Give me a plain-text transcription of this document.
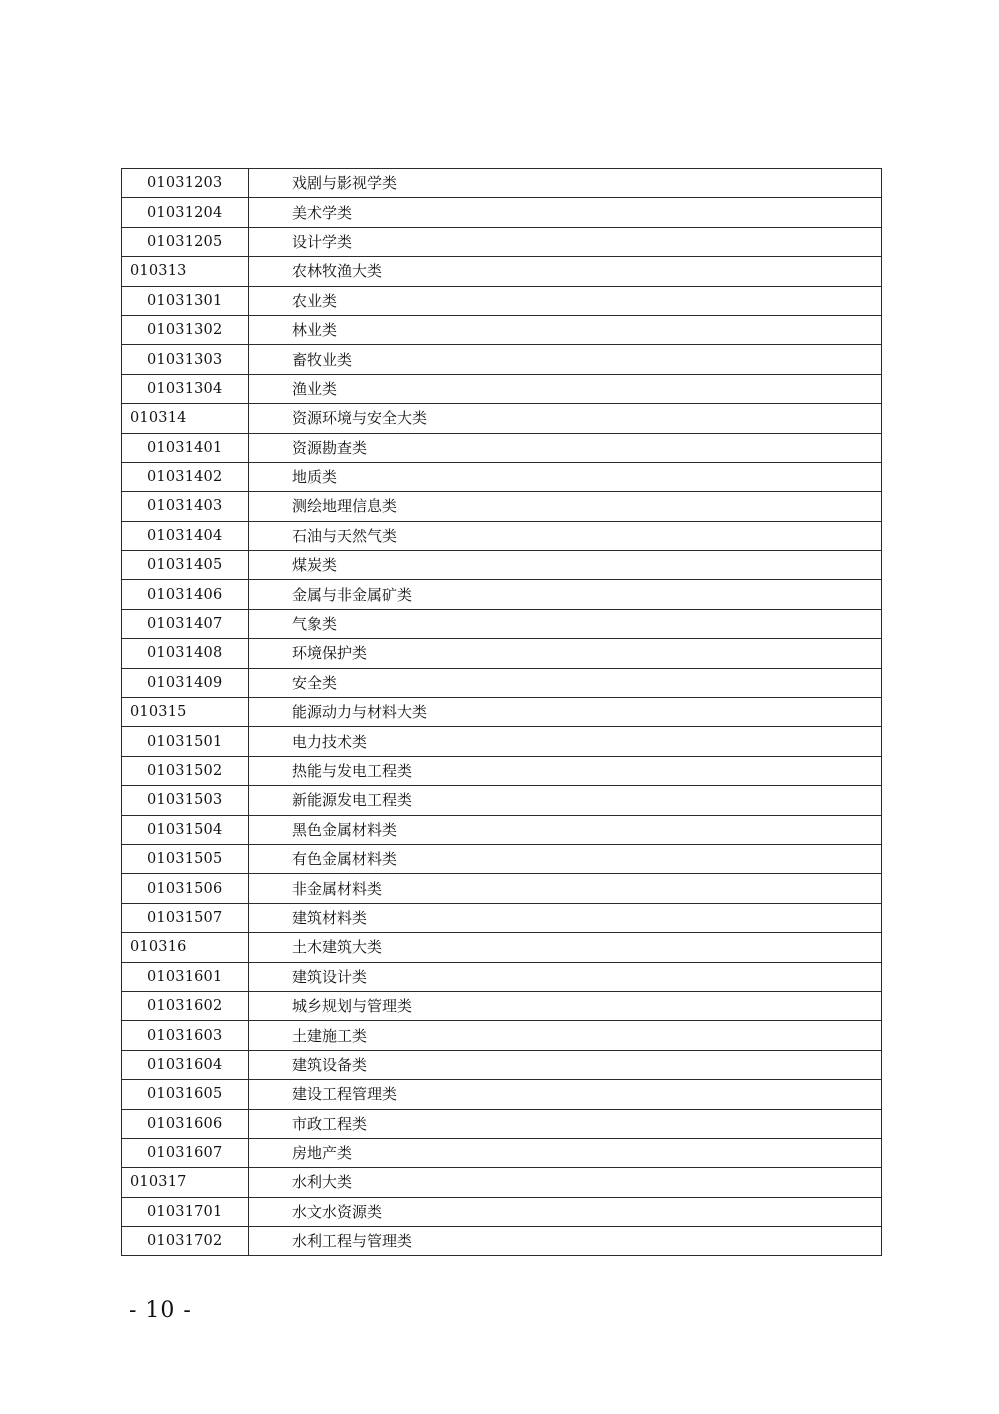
01031203	戏剧与影视学类
01031204	美术学类
01031205	设计学类
010313	农林牧渔大类
01031301	农业类
01031302	林业类
01031303	畜牧业类
01031304	渔业类
010314	资源环境与安全大类
01031401	资源勘查类
01031402	地质类
01031403	测绘地理信息类
01031404	石油与天然气类
01031405	煤炭类
01031406	金属与非金属矿类
01031407	气象类
01031408	环境保护类
01031409	安全类
010315	能源动力与材料大类
01031501	电力技术类
01031502	热能与发电工程类
01031503	新能源发电工程类
01031504	黑色金属材料类
01031505	有色金属材料类
01031506	非金属材料类
01031507	建筑材料类
010316	土木建筑大类
01031601	建筑设计类
01031602	城乡规划与管理类
01031603	土建施工类
01031604	建筑设备类
01031605	建设工程管理类
01031606	市政工程类
01031607	房地产类
010317	水利大类
01031701	水文水资源类
01031702	水利工程与管理类
- 10 -
